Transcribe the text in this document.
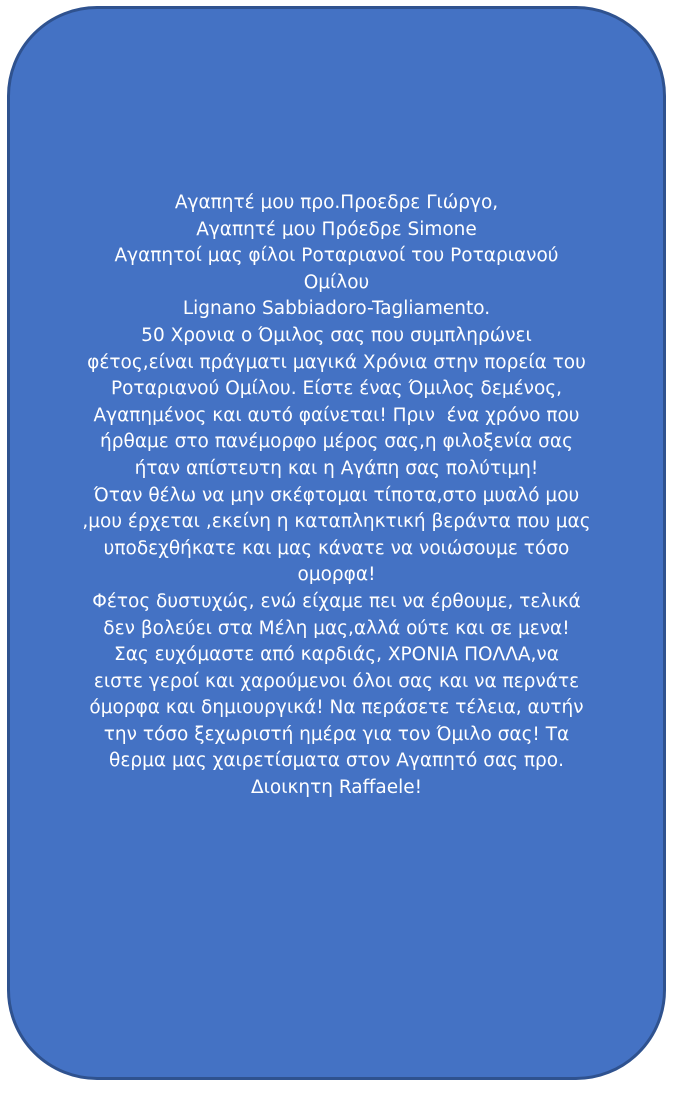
Αγαπητέ μου προ.Προεδρε Γιώργο,
Αγαπητέ μου Πρόεδρε Simone
Αγαπητοί μας φίλοι Ροταριανοί του Ροταριανού
Ομίλου
Lignano Sabbiadoro-Tagliamento.
50 Χρονια ο Όμιλος σας που συμπληρώνει
φέτος,είναι πράγματι μαγικά Χρόνια στην πορεία του
Ροταριανού Ομίλου. Είστε ένας Όμιλος δεμένος,
Αγαπημένος και αυτό φαίνεται! Πριν  ένα χρόνο που
ήρθαμε στο πανέμορφο μέρος σας,η φιλοξενία σας
ήταν απίστευτη και η Αγάπη σας πολύτιμη!
Όταν θέλω να μην σκέφτομαι τίποτα,στο μυαλό μου
,μου έρχεται ,εκείνη η καταπληκτική βεράντα που μας
υποδεχθήκατε και μας κάνατε να νοιώσουμε τόσο
ομορφα!
Φέτος δυστυχώς, ενώ είχαμε πει να έρθουμε, τελικά
δεν βολεύει στα Μέλη μας,αλλά ούτε και σε μενα!
Σας ευχόμαστε από καρδιάς, ΧΡΟΝΙΑ ΠΟΛΛΑ,να
ειστε γεροί και χαρούμενοι όλοι σας και να περνάτε
όμορφα και δημιουργικά! Να περάσετε τέλεια, αυτήν
την τόσο ξεχωριστή ημέρα για τον Όμιλο σας! Τα
θερμα μας χαιρετίσματα στον Αγαπητό σας προ.
Διοικητη Raffaele!
